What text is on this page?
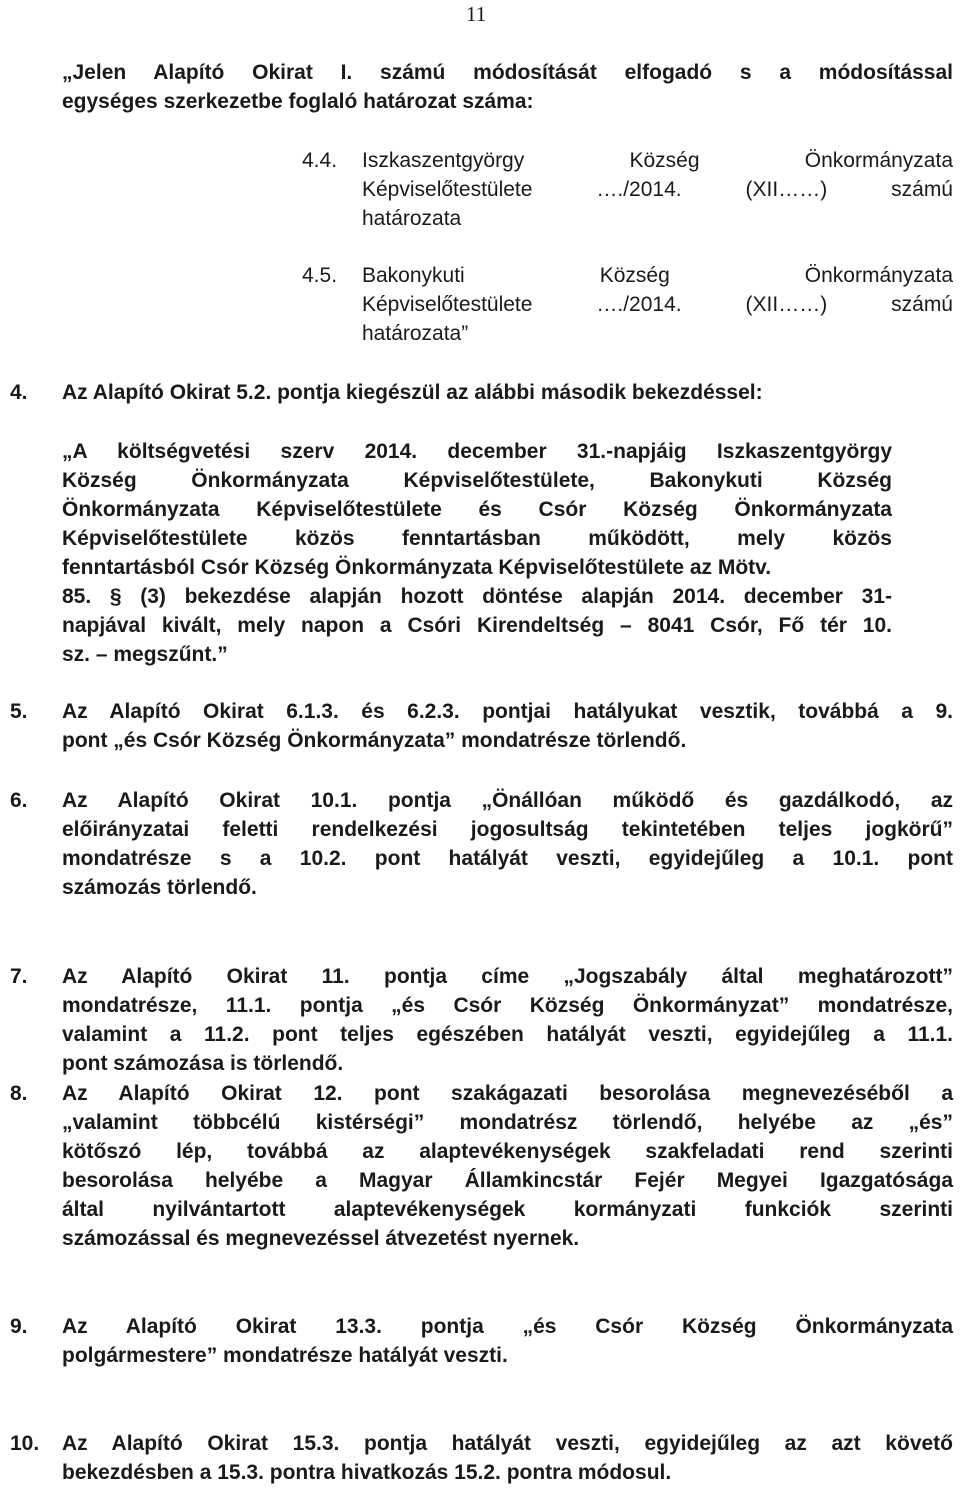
11
„Jelen Alapító Okirat I. számú módosítását elfogadó s a módosítással
egységes szerkezetbe foglaló határozat száma:
4.4. Iszkaszentgyörgy Község Önkormányzata
Képviselőtestülete …./2014. (XII……) számú
határozata
4.5. Bakonykuti Község Önkormányzata
Képviselőtestülete …./2014. (XII……) számú
határozata”
4. Az Alapító Okirat 5.2. pontja kiegészül az alábbi második bekezdéssel:
„A költségvetési szerv 2014. december 31.-napjáig Iszkaszentgyörgy
Község Önkormányzata Képviselőtestülete, Bakonykuti Község
Önkormányzata Képviselőtestülete és Csór Község Önkormányzata
Képviselőtestülete közös fenntartásban működött, mely közös
fenntartásból Csór Község Önkormányzata Képviselőtestülete az Mötv.
85. § (3) bekezdése alapján hozott döntése alapján 2014. december 31-
napjával kivált, mely napon a Csóri Kirendeltség – 8041 Csór, Fő tér 10.
sz. – megszűnt.”
5. Az Alapító Okirat 6.1.3. és 6.2.3. pontjai hatályukat vesztik, továbbá a 9.
pont „és Csór Község Önkormányzata” mondatrésze törlendő.
6. Az Alapító Okirat 10.1. pontja „Önállóan működő és gazdálkodó, az
előirányzatai feletti rendelkezési jogosultság tekintetében teljes jogkörű”
mondatrésze s a 10.2. pont hatályát veszti, egyidejűleg a 10.1. pont
számozás törlendő.
7. Az Alapító Okirat 11. pontja címe „Jogszabály által meghatározott”
mondatrésze, 11.1. pontja „és Csór Község Önkormányzat” mondatrésze,
valamint a 11.2. pont teljes egészében hatályát veszti, egyidejűleg a 11.1.
pont számozása is törlendő.
8. Az Alapító Okirat 12. pont szakágazati besorolása megnevezéséből a
„valamint többcélú kistérségi” mondatrész törlendő, helyébe az „és”
kötőszó lép, továbbá az alaptevékenységek szakfeladati rend szerinti
besorolása helyébe a Magyar Államkincstár Fejér Megyei Igazgatósága
által nyilvántartott alaptevékenységek kormányzati funkciók szerinti
számozással és megnevezéssel átvezetést nyernek.
9. Az Alapító Okirat 13.3. pontja „és Csór Község Önkormányzata
polgármestere” mondatrésze hatályát veszti.
10. Az Alapító Okirat 15.3. pontja hatályát veszti, egyidejűleg az azt követő
bekezdésben a 15.3. pontra hivatkozás 15.2. pontra módosul.
